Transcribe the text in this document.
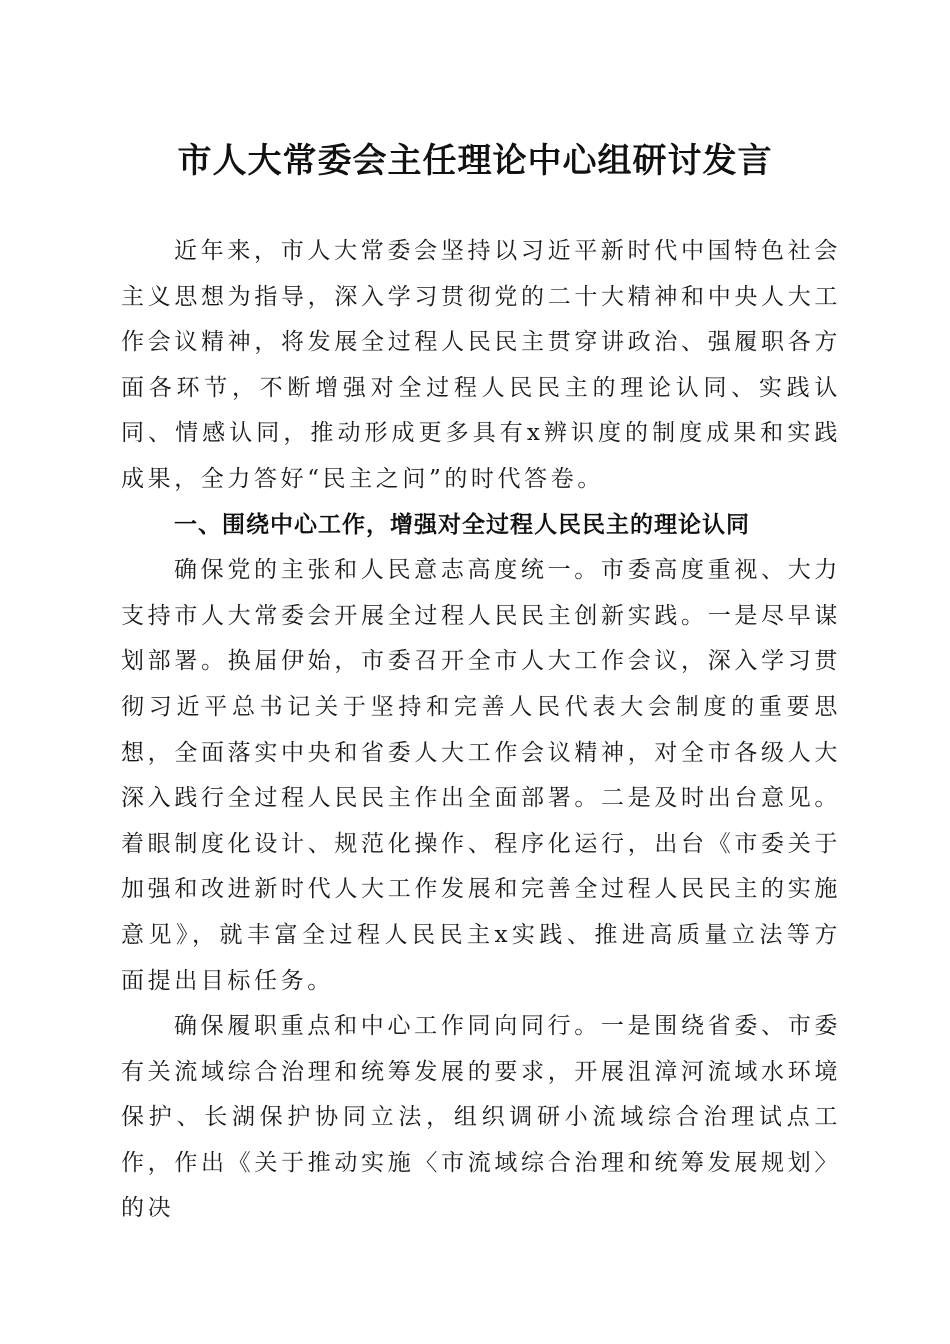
市人大常委会主任理论中心组研讨发言

近年来，市人大常委会坚持以习近平新时代中国特色社会主义思想为指导，深入学习贯彻党的二十大精神和中央人大工作会议精神，将发展全过程人民民主贯穿讲政治、强履职各方面各环节，不断增强对全过程人民民主的理论认同、实践认同、情感认同，推动形成更多具有x辨识度的制度成果和实践成果，全力答好“民主之问”的时代答卷。

一、围绕中心工作，增强对全过程人民民主的理论认同

确保党的主张和人民意志高度统一。市委高度重视、大力支持市人大常委会开展全过程人民民主创新实践。一是尽早谋划部署。换届伊始，市委召开全市人大工作会议，深入学习贯彻习近平总书记关于坚持和完善人民代表大会制度的重要思想，全面落实中央和省委人大工作会议精神，对全市各级人大深入践行全过程人民民主作出全面部署。二是及时出台意见。着眼制度化设计、规范化操作、程序化运行，出台《市委关于加强和改进新时代人大工作发展和完善全过程人民民主的实施意见》，就丰富全过程人民民主x实践、推进高质量立法等方面提出目标任务。

确保履职重点和中心工作同向同行。一是围绕省委、市委有关流域综合治理和统筹发展的要求，开展沮漳河流域水环境保护、长湖保护协同立法，组织调研小流域综合治理试点工作，作出《关于推动实施〈市流域综合治理和统筹发展规划〉的决
